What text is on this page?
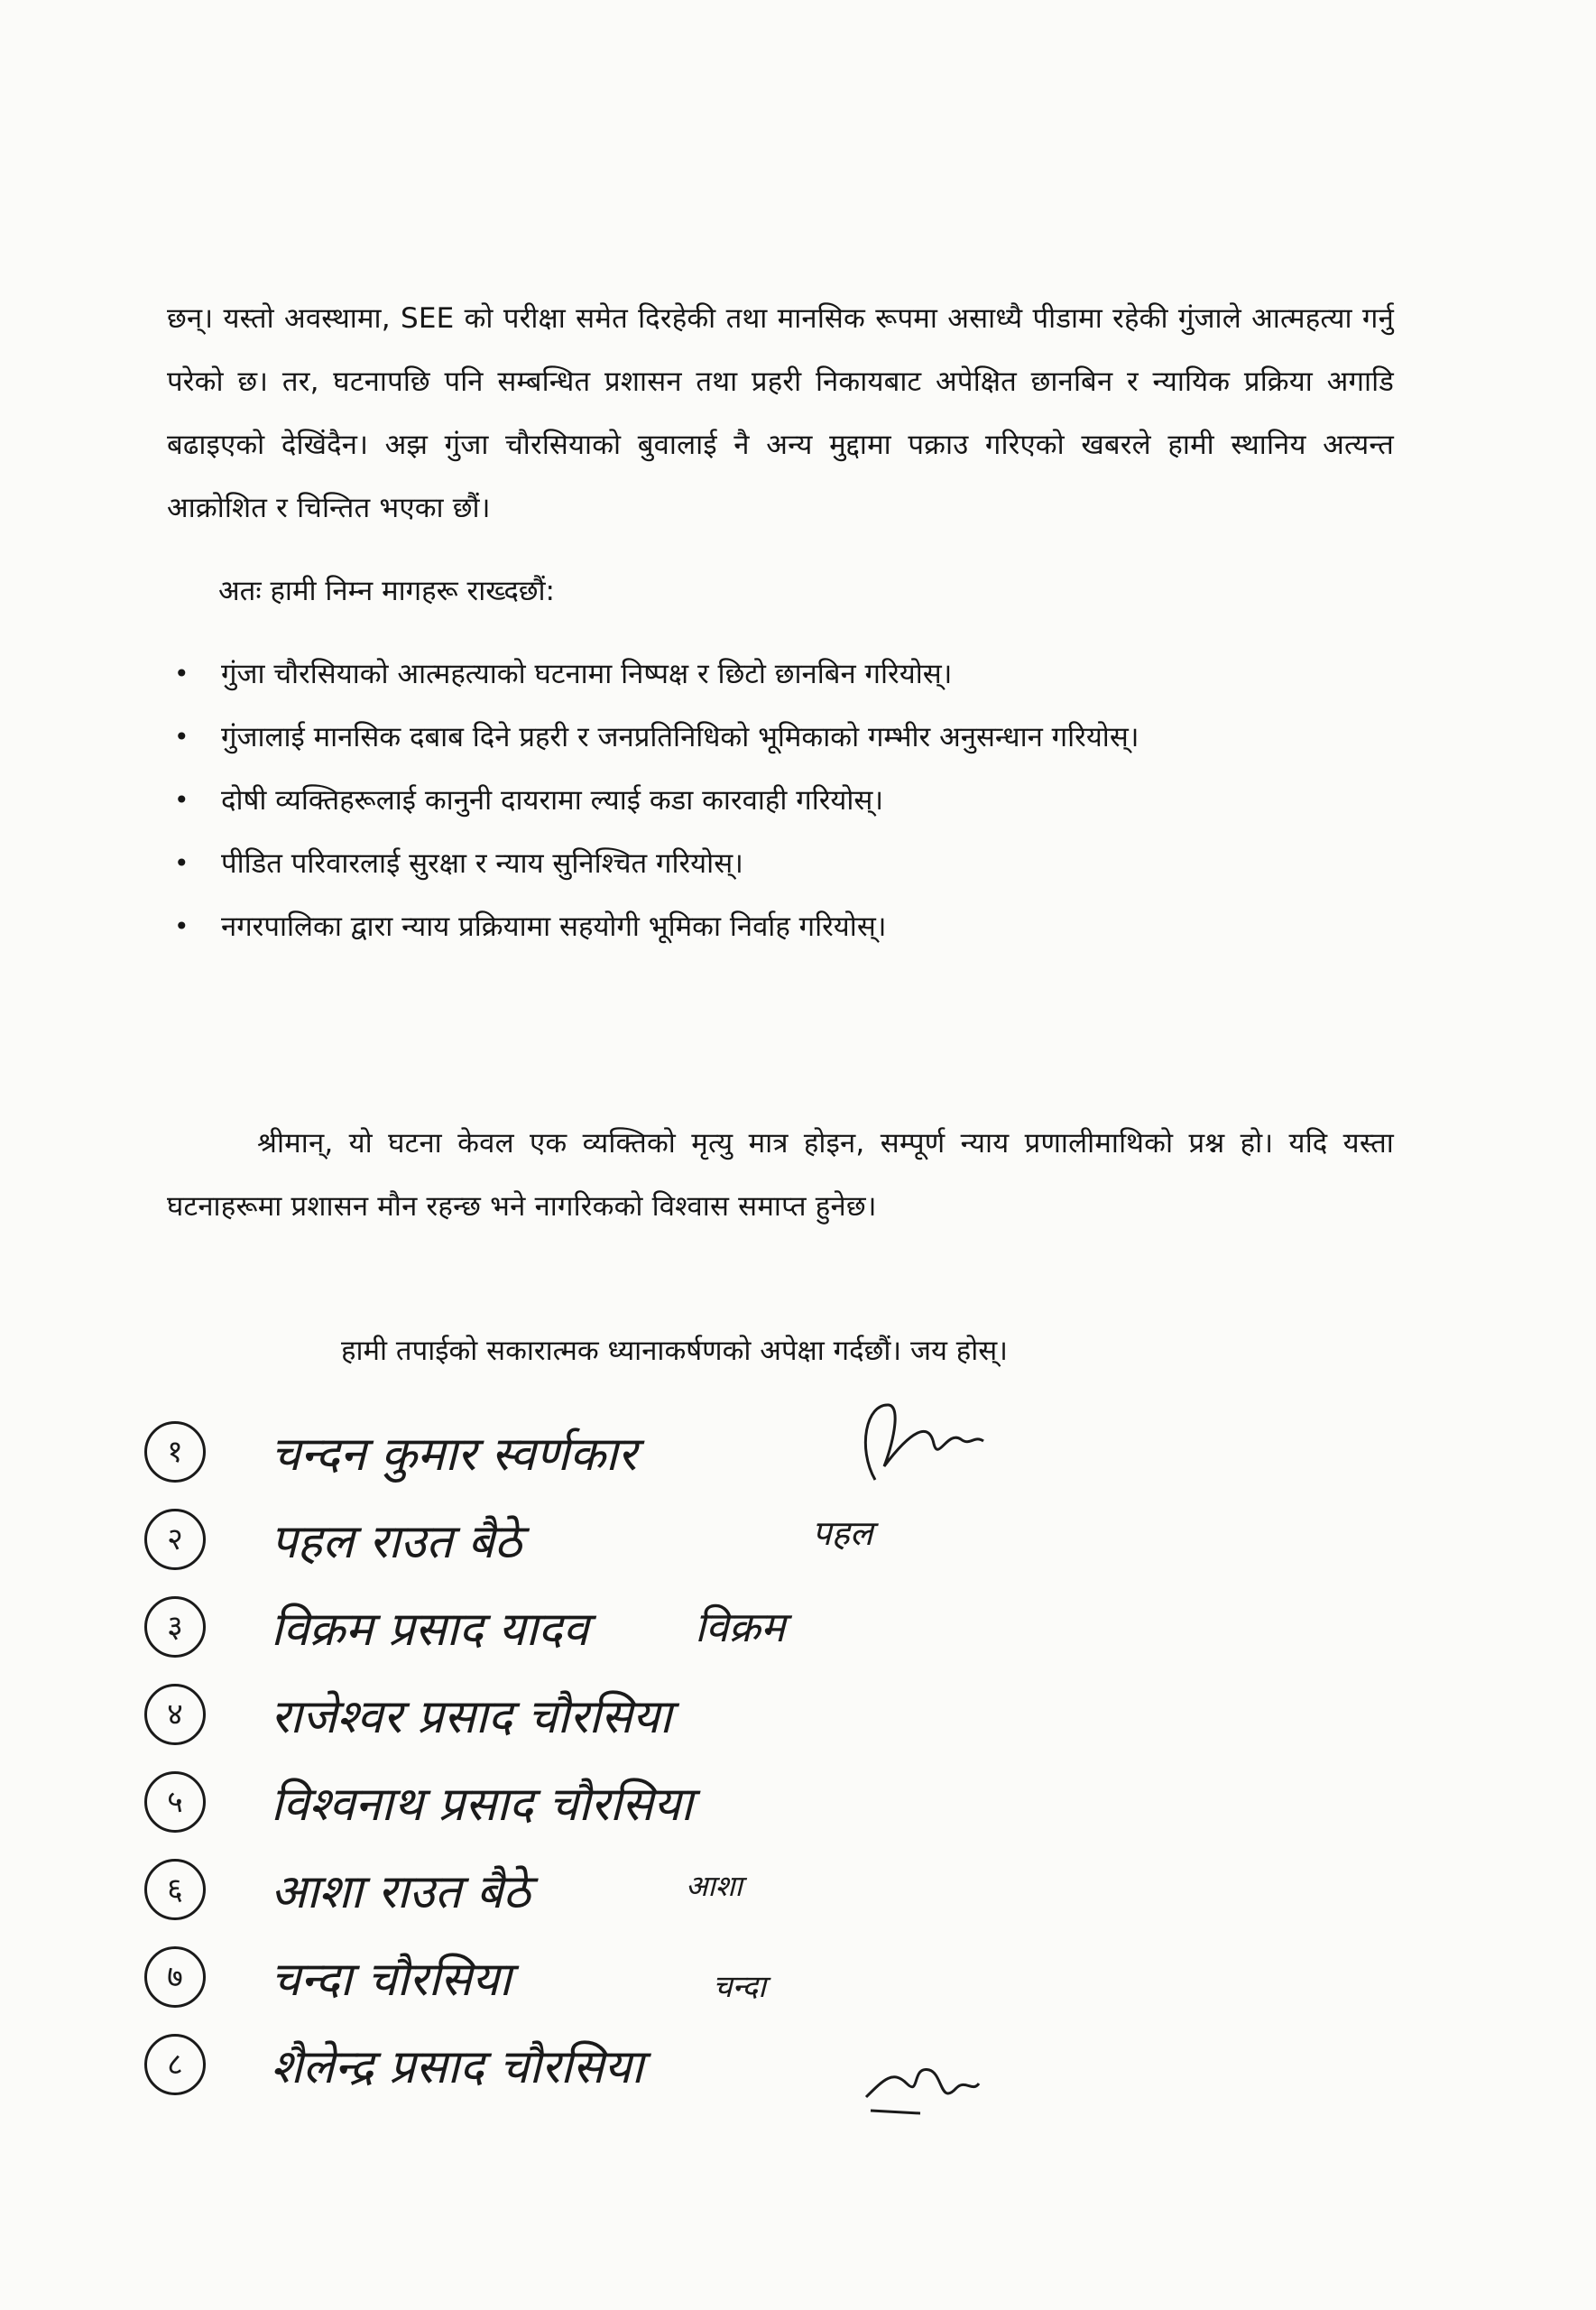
छन्। यस्तो अवस्थामा, SEE को परीक्षा समेत दिरहेकी तथा मानसिक रूपमा असाध्यै पीडामा रहेकी गुंजाले आत्महत्या गर्नु परेको छ। तर, घटनापछि पनि सम्बन्धित प्रशासन तथा प्रहरी निकायबाट अपेक्षित छानबिन र न्यायिक प्रक्रिया अगाडि बढाइएको देखिंदैन। अझ गुंजा चौरसियाको बुवालाई नै अन्य मुद्दामा पक्राउ गरिएको खबरले हामी स्थानिय अत्यन्त आक्रोशित र चिन्तित भएका छौं।
अतः हामी निम्न मागहरू राख्दछौं:
• गुंजा चौरसियाको आत्महत्याको घटनामा निष्पक्ष र छिटो छानबिन गरियोस्।
• गुंजालाई मानसिक दबाब दिने प्रहरी र जनप्रतिनिधिको भूमिकाको गम्भीर अनुसन्धान गरियोस्।
• दोषी व्यक्तिहरूलाई कानुनी दायरामा ल्याई कडा कारवाही गरियोस्।
• पीडित परिवारलाई सुरक्षा र न्याय सुनिश्चित गरियोस्।
• नगरपालिका द्वारा न्याय प्रक्रियामा सहयोगी भूमिका निर्वाह गरियोस्।
श्रीमान्, यो घटना केवल एक व्यक्तिको मृत्यु मात्र होइन, सम्पूर्ण न्याय प्रणालीमाथिको प्रश्न हो। यदि यस्ता घटनाहरूमा प्रशासन मौन रहन्छ भने नागरिकको विश्वास समाप्त हुनेछ।
हामी तपाईको सकारात्मक ध्यानाकर्षणको अपेक्षा गर्दछौं। जय होस्।
१	चन्दन कुमार स्वर्णकार
२	पहल राउत बैठे	पहल
३	विक्रम प्रसाद यादव	विक्रम
४	राजेश्वर प्रसाद चौरसिया
५	विश्वनाथ प्रसाद चौरसिया
६	आशा राउत बैठे	आशा
७	चन्दा चौरसिया	चन्दा
८	शैलेन्द्र प्रसाद चौरसिया
